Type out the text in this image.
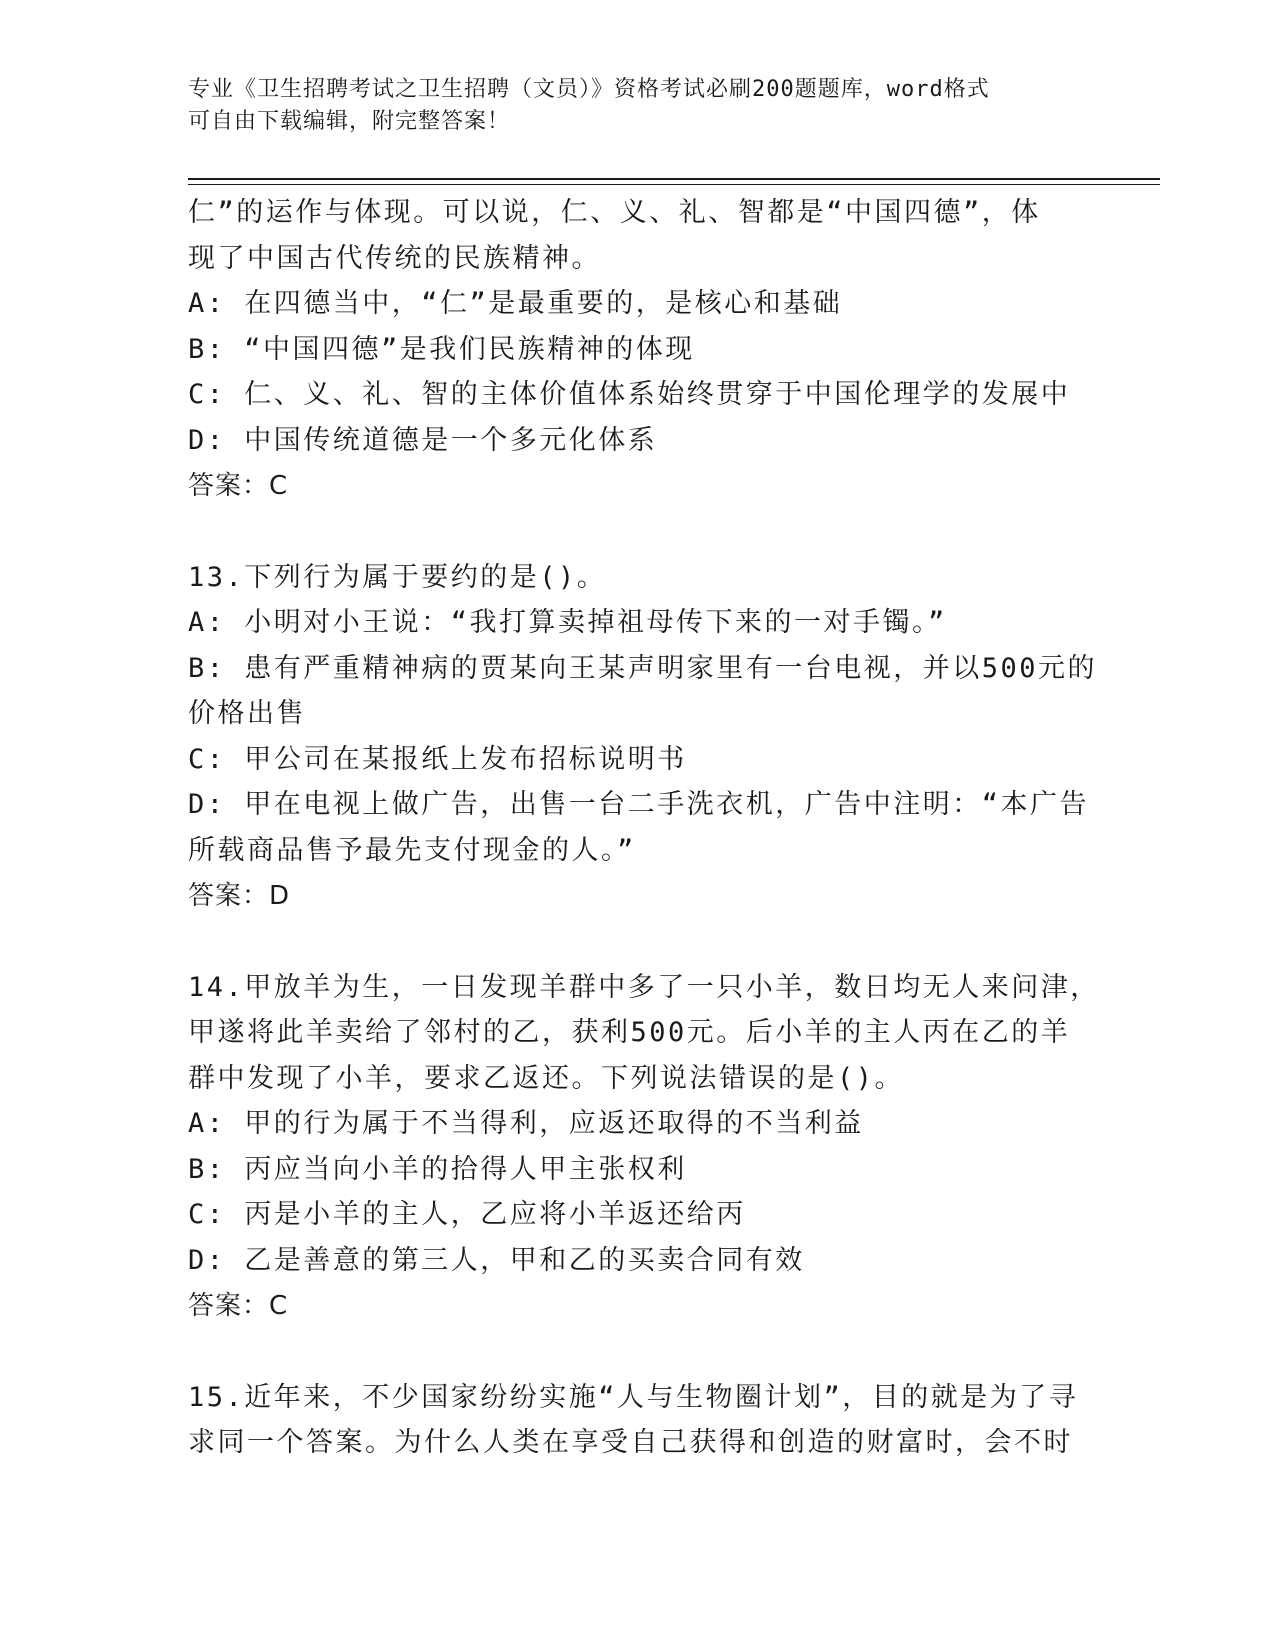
专业《卫生招聘考试之卫生招聘（文员）》资格考试必刷200题题库，word格式
可自由下载编辑，附完整答案！
仁”的运作与体现。可以说，仁、义、礼、智都是“中国四德”，体
现了中国古代传统的民族精神。
A: 在四德当中，“仁”是最重要的，是核心和基础
B: “中国四德”是我们民族精神的体现
C: 仁、义、礼、智的主体价值体系始终贯穿于中国伦理学的发展中
D: 中国传统道德是一个多元化体系
答案：C
13.下列行为属于要约的是()。
A: 小明对小王说：“我打算卖掉祖母传下来的一对手镯。”
B: 患有严重精神病的贾某向王某声明家里有一台电视，并以500元的
价格出售
C: 甲公司在某报纸上发布招标说明书
D: 甲在电视上做广告，出售一台二手洗衣机，广告中注明：“本广告
所载商品售予最先支付现金的人。”
答案：D
14.甲放羊为生，一日发现羊群中多了一只小羊，数日均无人来问津，
甲遂将此羊卖给了邻村的乙，获利500元。后小羊的主人丙在乙的羊
群中发现了小羊，要求乙返还。下列说法错误的是()。
A: 甲的行为属于不当得利，应返还取得的不当利益
B: 丙应当向小羊的拾得人甲主张权利
C: 丙是小羊的主人，乙应将小羊返还给丙
D: 乙是善意的第三人，甲和乙的买卖合同有效
答案：C
15.近年来，不少国家纷纷实施“人与生物圈计划”，目的就是为了寻
求同一个答案。为什么人类在享受自己获得和创造的财富时，会不时
